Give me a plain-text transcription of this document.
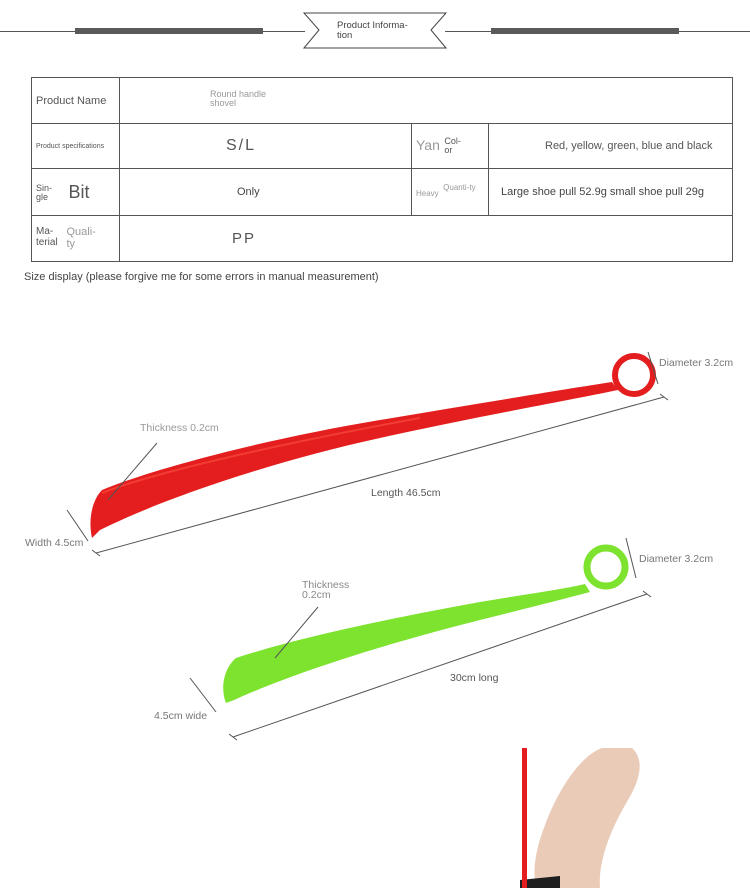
Product Informa-
tion
Product Name	Round handle shovel		
Product specifications	S/L	Yan Col-or	Red, yellow, green, blue and black
Sin-gle Bit	Only	Heavy Quanti-ty	Large shoe pull 52.9g small shoe pull 29g
Ma-terial Quali-ty	PP		
Size display (please forgive me for some errors in manual measurement)
Diameter 3.2cm
Thickness 0.2cm
Length 46.5cm
Width 4.5cm
Diameter 3.2cm
Thickness 0.2cm
30cm long
4.5cm wide
